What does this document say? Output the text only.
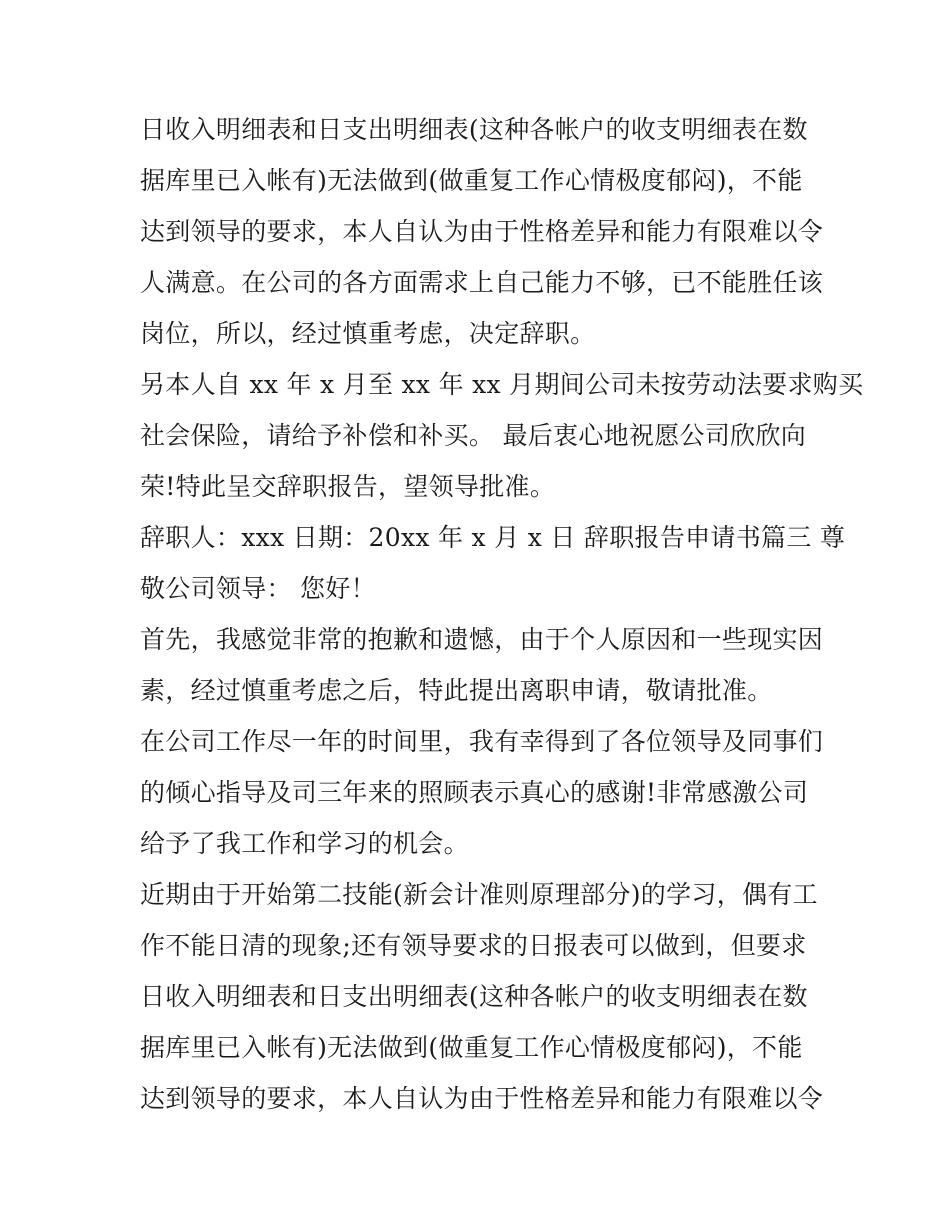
日收入明细表和日支出明细表(这种各帐户的收支明细表在数
据库里已入帐有)无法做到(做重复工作心情极度郁闷)，不能
达到领导的要求，本人自认为由于性格差异和能力有限难以令
人满意。在公司的各方面需求上自己能力不够，已不能胜任该
岗位，所以，经过慎重考虑，决定辞职。
另本人自 xx 年 x 月至 xx 年 xx 月期间公司未按劳动法要求购买
社会保险，请给予补偿和补买。 最后衷心地祝愿公司欣欣向
荣!特此呈交辞职报告，望领导批准。
辞职人：xxx 日期：20xx 年 x 月 x 日 辞职报告申请书篇三 尊
敬公司领导： 您好！
首先，我感觉非常的抱歉和遗憾，由于个人原因和一些现实因
素，经过慎重考虑之后，特此提出离职申请，敬请批准。
在公司工作尽一年的时间里，我有幸得到了各位领导及同事们
的倾心指导及司三年来的照顾表示真心的感谢!非常感激公司
给予了我工作和学习的机会。
近期由于开始第二技能(新会计准则原理部分)的学习，偶有工
作不能日清的现象;还有领导要求的日报表可以做到，但要求
日收入明细表和日支出明细表(这种各帐户的收支明细表在数
据库里已入帐有)无法做到(做重复工作心情极度郁闷)，不能
达到领导的要求，本人自认为由于性格差异和能力有限难以令
